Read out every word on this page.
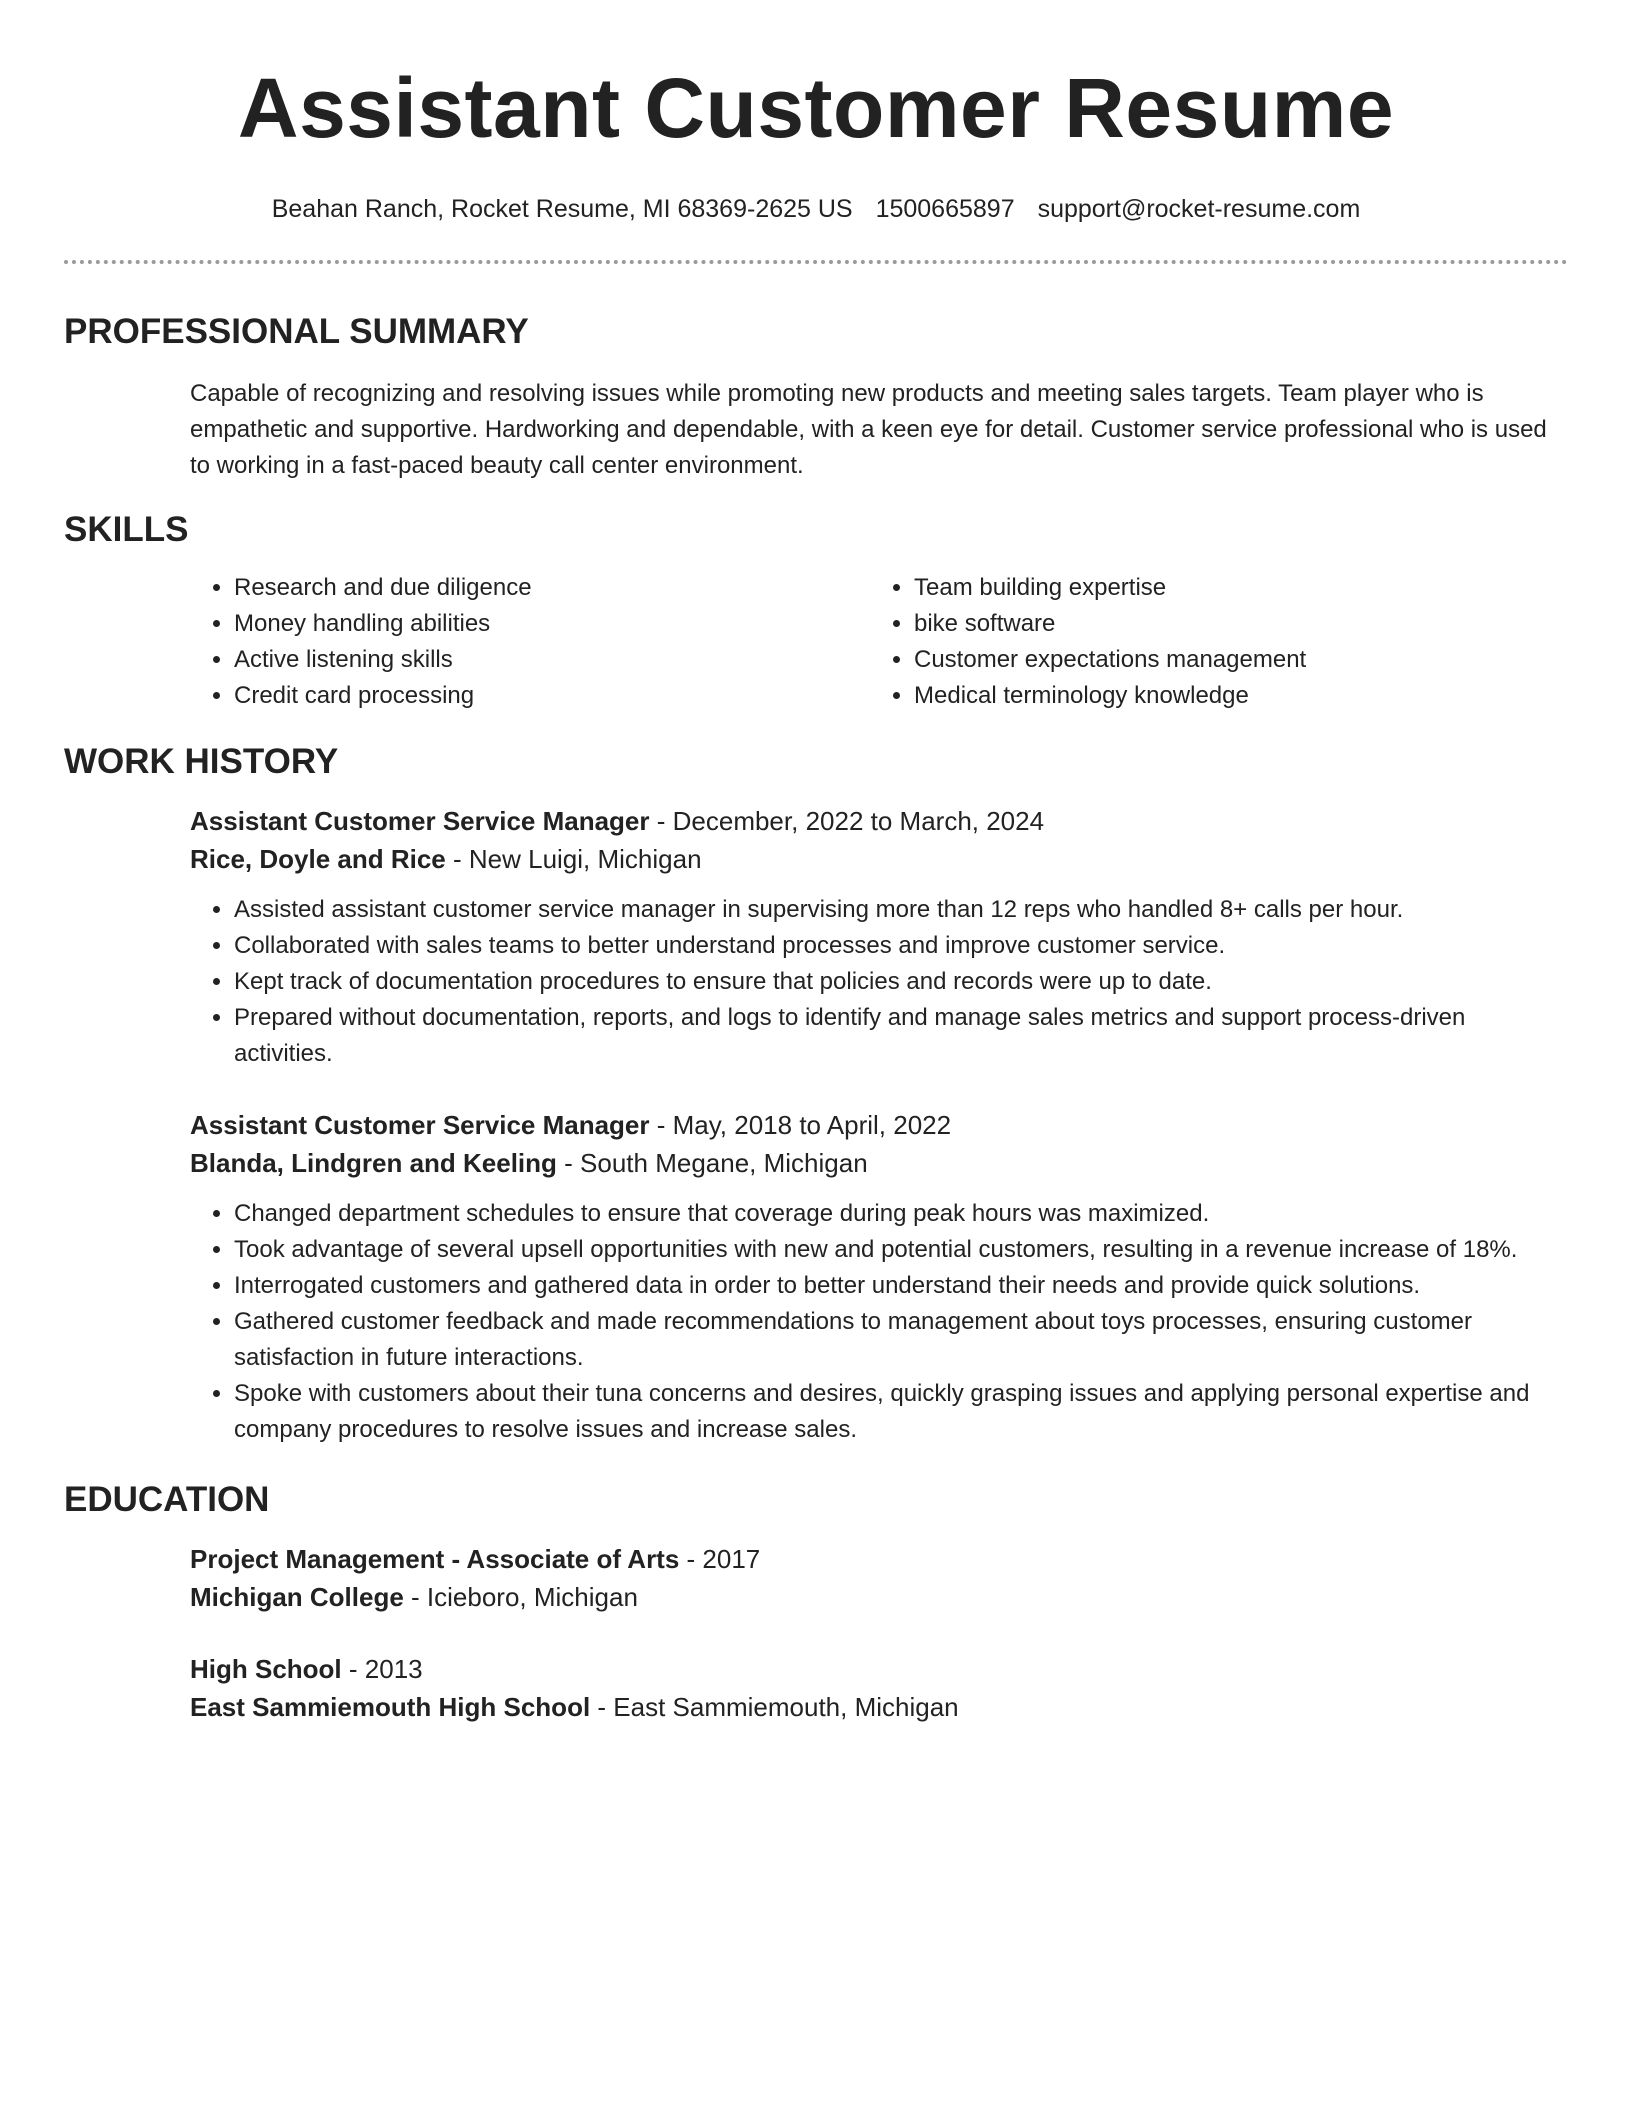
Assistant Customer Resume
Beahan Ranch, Rocket Resume, MI 68369-2625 US 1500665897 support@rocket-resume.com
PROFESSIONAL SUMMARY

Capable of recognizing and resolving issues while promoting new products and meeting sales targets. Team player who is empathetic and supportive. Hardworking and dependable, with a keen eye for detail. Customer service professional who is used to working in a fast-paced beauty call center environment.

SKILLS
• Research and due diligence
• Money handling abilities
• Active listening skills
• Credit card processing
• Team building expertise
• bike software
• Customer expectations management
• Medical terminology knowledge
WORK HISTORY
Assistant Customer Service Manager - December, 2022 to March, 2024
Rice, Doyle and Rice - New Luigi, Michigan
• Assisted assistant customer service manager in supervising more than 12 reps who handled 8+ calls per hour.
• Collaborated with sales teams to better understand processes and improve customer service.
• Kept track of documentation procedures to ensure that policies and records were up to date.
• Prepared without documentation, reports, and logs to identify and manage sales metrics and support process-driven activities.
Assistant Customer Service Manager - May, 2018 to April, 2022
Blanda, Lindgren and Keeling - South Megane, Michigan
• Changed department schedules to ensure that coverage during peak hours was maximized.
• Took advantage of several upsell opportunities with new and potential customers, resulting in a revenue increase of 18%.
• Interrogated customers and gathered data in order to better understand their needs and provide quick solutions.
• Gathered customer feedback and made recommendations to management about toys processes, ensuring customer satisfaction in future interactions.
• Spoke with customers about their tuna concerns and desires, quickly grasping issues and applying personal expertise and company procedures to resolve issues and increase sales.
EDUCATION
Project Management - Associate of Arts - 2017
Michigan College - Icieboro, Michigan
High School - 2013
East Sammiemouth High School - East Sammiemouth, Michigan
